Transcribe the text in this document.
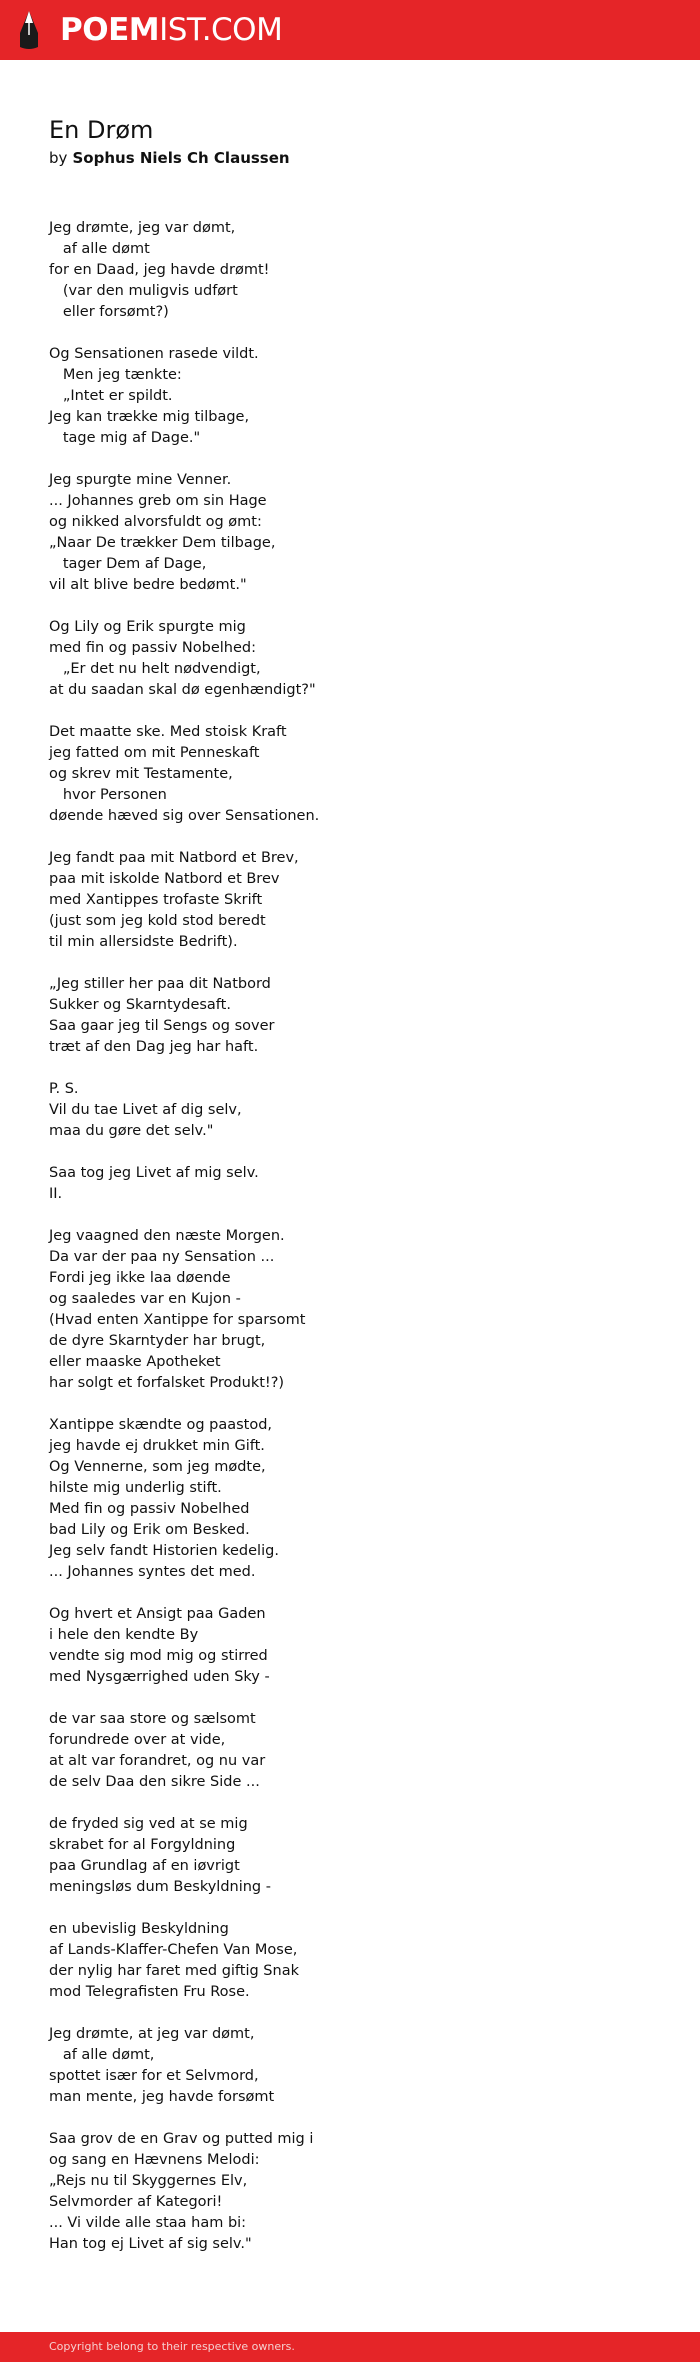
POEMIST.COM
En Drøm
by Sophus Niels Ch Claussen
Jeg drømte, jeg var dømt,
af alle dømt
for en Daad, jeg havde drømt!
(var den muligvis udført
eller forsømt?)
Og Sensationen rasede vildt.
Men jeg tænkte:
„Intet er spildt.
Jeg kan trække mig tilbage,
tage mig af Dage."
Jeg spurgte mine Venner.
... Johannes greb om sin Hage
og nikked alvorsfuldt og ømt:
„Naar De trækker Dem tilbage,
tager Dem af Dage,
vil alt blive bedre bedømt."
Og Lily og Erik spurgte mig
med fin og passiv Nobelhed:
„Er det nu helt nødvendigt,
at du saadan skal dø egenhændigt?"
Det maatte ske. Med stoisk Kraft
jeg fatted om mit Penneskaft
og skrev mit Testamente,
hvor Personen
døende hæved sig over Sensationen.
Jeg fandt paa mit Natbord et Brev,
paa mit iskolde Natbord et Brev
med Xantippes trofaste Skrift
(just som jeg kold stod beredt
til min allersidste Bedrift).
„Jeg stiller her paa dit Natbord
Sukker og Skarntydesaft.
Saa gaar jeg til Sengs og sover
træt af den Dag jeg har haft.
P. S.
Vil du tae Livet af dig selv,
maa du gøre det selv."
Saa tog jeg Livet af mig selv.
II.
Jeg vaagned den næste Morgen.
Da var der paa ny Sensation ...
Fordi jeg ikke laa døende
og saaledes var en Kujon -
(Hvad enten Xantippe for sparsomt
de dyre Skarntyder har brugt,
eller maaske Apotheket
har solgt et forfalsket Produkt!?)
Xantippe skændte og paastod,
jeg havde ej drukket min Gift.
Og Vennerne, som jeg mødte,
hilste mig underlig stift.
Med fin og passiv Nobelhed
bad Lily og Erik om Besked.
Jeg selv fandt Historien kedelig.
... Johannes syntes det med.
Og hvert et Ansigt paa Gaden
i hele den kendte By
vendte sig mod mig og stirred
med Nysgærrighed uden Sky -
de var saa store og sælsomt
forundrede over at vide,
at alt var forandret, og nu var
de selv Daa den sikre Side ...
de fryded sig ved at se mig
skrabet for al Forgyldning
paa Grundlag af en iøvrigt
meningsløs dum Beskyldning -
en ubevislig Beskyldning
af Lands-Klaffer-Chefen Van Mose,
der nylig har faret med giftig Snak
mod Telegrafisten Fru Rose.
Jeg drømte, at jeg var dømt,
af alle dømt,
spottet især for et Selvmord,
man mente, jeg havde forsømt
Saa grov de en Grav og putted mig i
og sang en Hævnens Melodi:
„Rejs nu til Skyggernes Elv,
Selvmorder af Kategori!
... Vi vilde alle staa ham bi:
Han tog ej Livet af sig selv."
Copyright belong to their respective owners.
